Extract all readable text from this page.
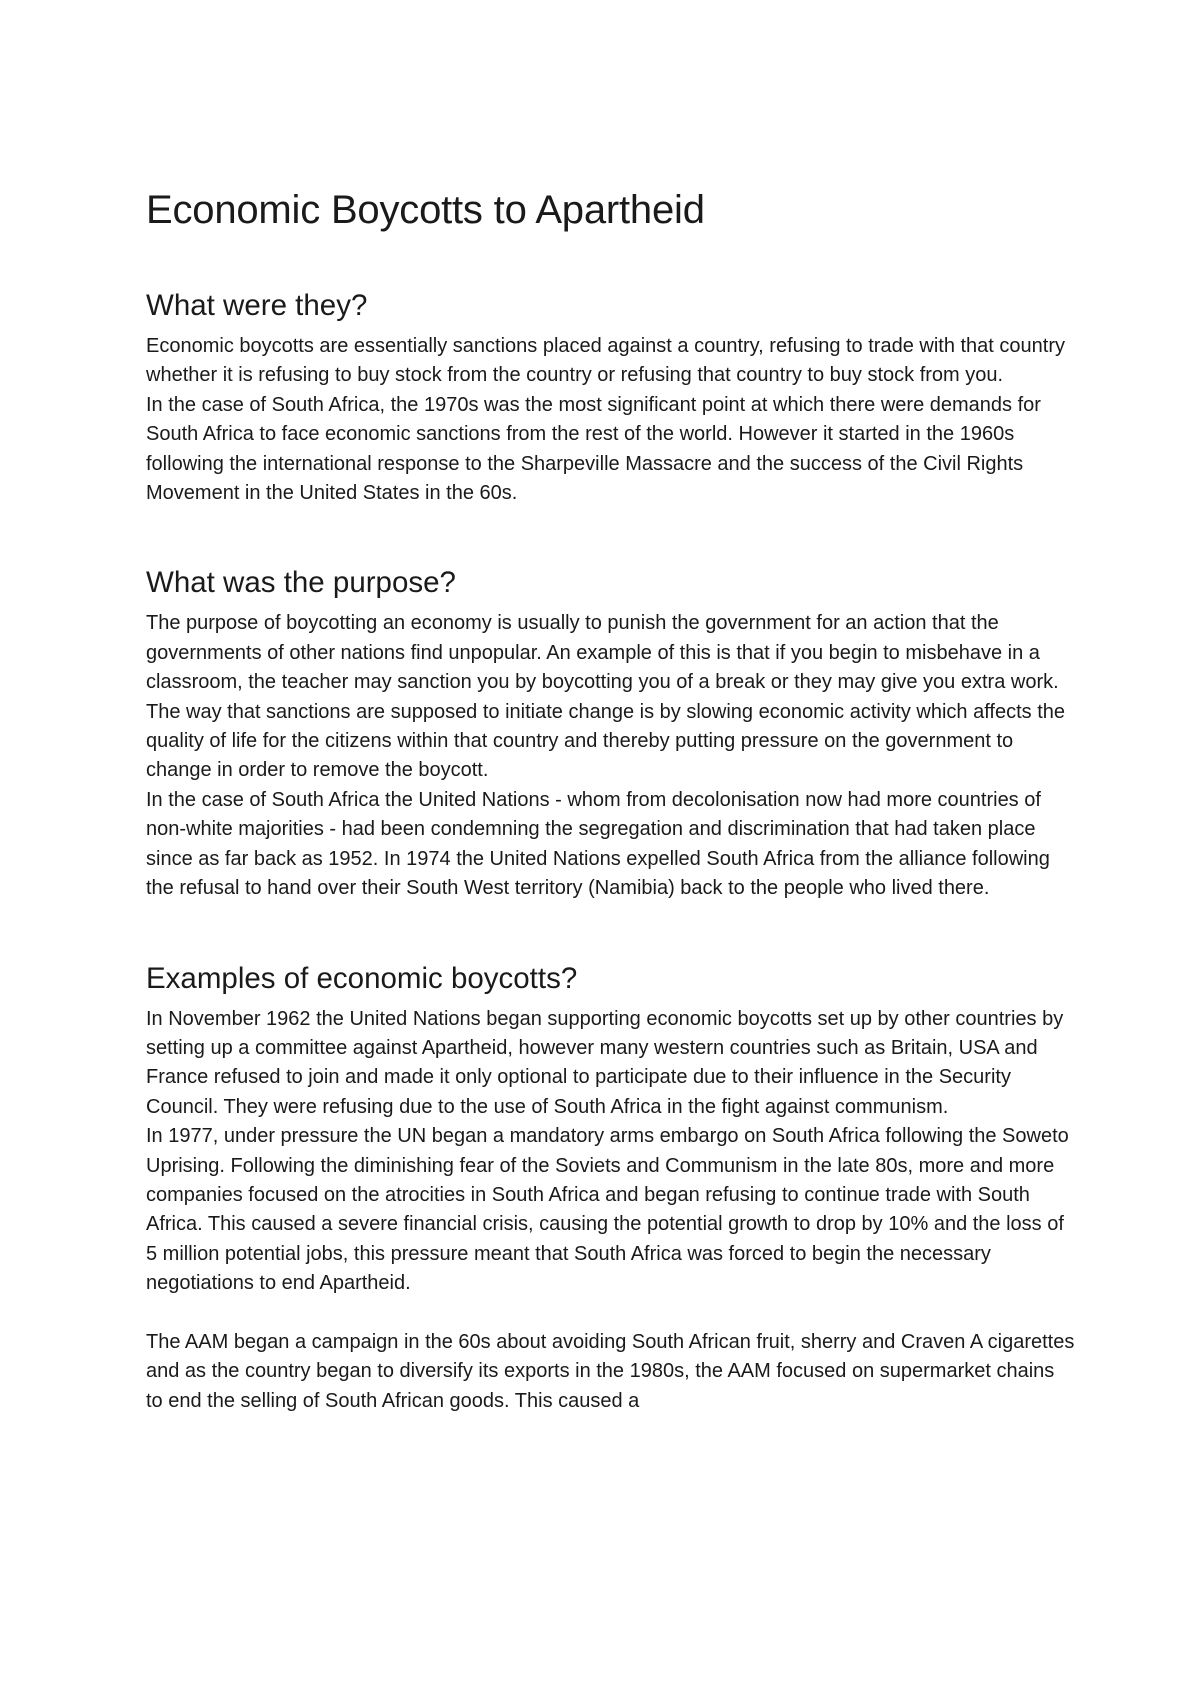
Economic Boycotts to Apartheid
What were they?

Economic boycotts are essentially sanctions placed against a country, refusing to trade with that country whether it is refusing to buy stock from the country or refusing that country to buy stock from you.

In the case of South Africa, the 1970s was the most significant point at which there were demands for South Africa to face economic sanctions from the rest of the world. However it started in the 1960s following the international response to the Sharpeville Massacre and the success of the Civil Rights Movement in the United States in the 60s.

What was the purpose?

The purpose of boycotting an economy is usually to punish the government for an action that the governments of other nations find unpopular. An example of this is that if you begin to misbehave in a classroom, the teacher may sanction you by boycotting you of a break or they may give you extra work. The way that sanctions are supposed to initiate change is by slowing economic activity which affects the quality of life for the citizens within that country and thereby putting pressure on the government to change in order to remove the boycott.

In the case of South Africa the United Nations - whom from decolonisation now had more countries of non-white majorities - had been condemning the segregation and discrimination that had taken place since as far back as 1952. In 1974 the United Nations expelled South Africa from the alliance following the refusal to hand over their South West territory (Namibia) back to the people who lived there.

Examples of economic boycotts?

In November 1962 the United Nations began supporting economic boycotts set up by other countries by setting up a committee against Apartheid, however many western countries such as Britain, USA and France refused to join and made it only optional to participate due to their influence in the Security Council. They were refusing due to the use of South Africa in the fight against communism.

In 1977, under pressure the UN began a mandatory arms embargo on South Africa following the Soweto Uprising. Following the diminishing fear of the Soviets and Communism in the late 80s, more and more companies focused on the atrocities in South Africa and began refusing to continue trade with South Africa. This caused a severe financial crisis, causing the potential growth to drop by 10% and the loss of 5 million potential jobs, this pressure meant that South Africa was forced to begin the necessary negotiations to end Apartheid.

The AAM began a campaign in the 60s about avoiding South African fruit, sherry and Craven A cigarettes and as the country began to diversify its exports in the 1980s, the AAM focused on supermarket chains to end the selling of South African goods. This caused a
